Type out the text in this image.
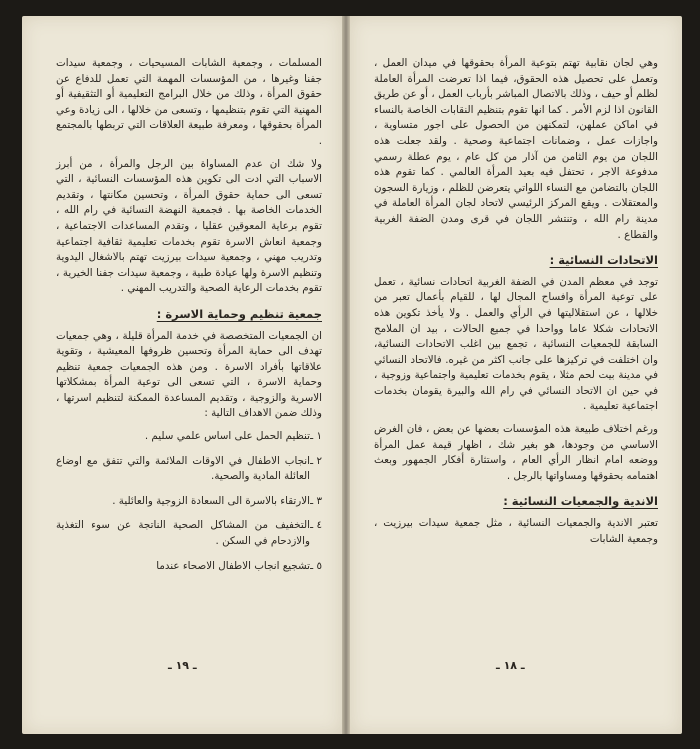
المسلمات ، وجمعية الشابات المسيحيات ، وجمعية سيدات جفنا وغيرها ، من المؤسسات المهمة التي تعمل للدفاع عن حقوق المرأة ، وذلك من خلال البرامج التعليمية أو التثقيفية أو المهنية التي تقوم بتنظيمها ، وتسعى من خلالها ، الى زيادة وعي المرأة بحقوقها ، ومعرفة طبيعة العلاقات التي تربطها بالمجتمع .

ولا شك ان عدم المساواة بين الرجل والمرأة ، من أبرز الاسباب التي ادت الى تكوين هذه المؤسسات النسائية ، التي تسعى الى حماية حقوق المرأة ، وتحسين مكانتها ، وتقديم الخدمات الخاصة بها . فجمعية النهضة النسائية في رام الله ، تقوم برعاية المعوقين عقليا ، وتقدم المساعدات الاجتماعية ، وجمعية انعاش الاسرة تقوم بخدمات تعليمية ثقافية اجتماعية وتدريب مهني ، وجمعية سيدات بيرزيت تهتم بالاشغال اليدوية وتنظيم الاسرة ولها عيادة طبية ، وجمعية سيدات جفنا الخيرية ، تقوم بخدمات الرعاية الصحية والتدريب المهني .

جمعية تنظيم وحماية الاسرة :

ان الجمعيات المتخصصة في خدمة المرأة قليلة ، وهي جمعيات تهدف الى حماية المرأة وتحسين ظروفها المعيشية ، وتقوية علاقاتها بأفراد الاسرة . ومن هذه الجمعيات جمعية تنظيم وحماية الاسرة ، التي تسعى الى توعية المرأة بمشكلاتها الاسرية والزوجية ، وتقديم المساعدة الممكنة لتنظيم اسرتها ، وذلك ضمن الاهداف التالية :

١ ـ
تنظيم الحمل على اساس علمي سليم .
٢ ـ
انجاب الاطفال في الاوقات الملائمة والتي تتفق مع اوضاع العائلة المادية والصحية.
٣ ـ
الارتقاء بالاسرة الى السعادة الزوجية والعائلية .
٤ ـ
التخفيف من المشاكل الصحية الناتجة عن سوء التغذية والازدحام في السكن .
٥ ـ
تشجيع انجاب الاطفال الاصحاء عندما
ـ ١٩ ـ

وهي لجان نقابية تهتم بتوعية المرأة بحقوقها في ميدان العمل ، وتعمل على تحصيل هذه الحقوق، فيما اذا تعرضت المرأة العاملة لظلم أو حيف ، وذلك بالاتصال المباشر بأرباب العمل ، أو عن طريق القانون اذا لزم الأمر . كما انها تقوم بتنظيم النقابات الخاصة بالنساء في اماكن عملهن، لتمكنهن من الحصول على اجور متساوية ، واجازات عمل ، وضمانات اجتماعية وصحية . ولقد جعلت هذه اللجان من يوم الثامن من آذار من كل عام ، يوم عطلة رسمي مدفوعة الاجر ، تحتفل فيه بعيد المرأة العالمي . كما تقوم هذه اللجان بالتضامن مع النساء اللواتي يتعرضن للظلم ، وزيارة السجون والمعتقلات . ويقع المركز الرئيسي لاتحاد لجان المرأة العاملة في مدينة رام الله ، وتنتشر اللجان في قرى ومدن الضفة الغربية والقطاع .

الاتحادات النسائية :

توجد في معظم المدن في الضفة الغربية اتحادات نسائية ، تعمل على توعية المرأة وافساح المجال لها ، للقيام بأعمال تعبر من خلالها ، عن استقلاليتها في الرأي والعمل . ولا يأخذ تكوين هذه الاتحادات شكلا عاما وواحدا في جميع الحالات ، بيد ان الملامح السابقة للجمعيات النسائية ، تجمع بين اغلب الاتحادات النسائية، وان اختلفت في تركيزها على جانب اكثر من غيره. فالاتحاد النسائي في مدينة بيت لحم مثلا ، يقوم بخدمات تعليمية واجتماعية وزوجية ، في حين ان الاتحاد النسائي في رام الله والبيرة يقومان بخدمات اجتماعية تعليمية .

ورغم اختلاف طبيعة هذه المؤسسات بعضها عن بعض ، فان الغرض الاساسي من وجودها، هو بغير شك ، اظهار قيمة عمل المرأة ووضعه امام انظار الرأي العام ، واستثارة أفكار الجمهور وبعث اهتمامه بحقوقها ومساواتها بالرجل .

الاندية والجمعيات النسائية :

تعتبر الاندية والجمعيات النسائية ، مثل جمعية سيدات بيرزيت ، وجمعية الشابات

ـ ١٨ ـ
